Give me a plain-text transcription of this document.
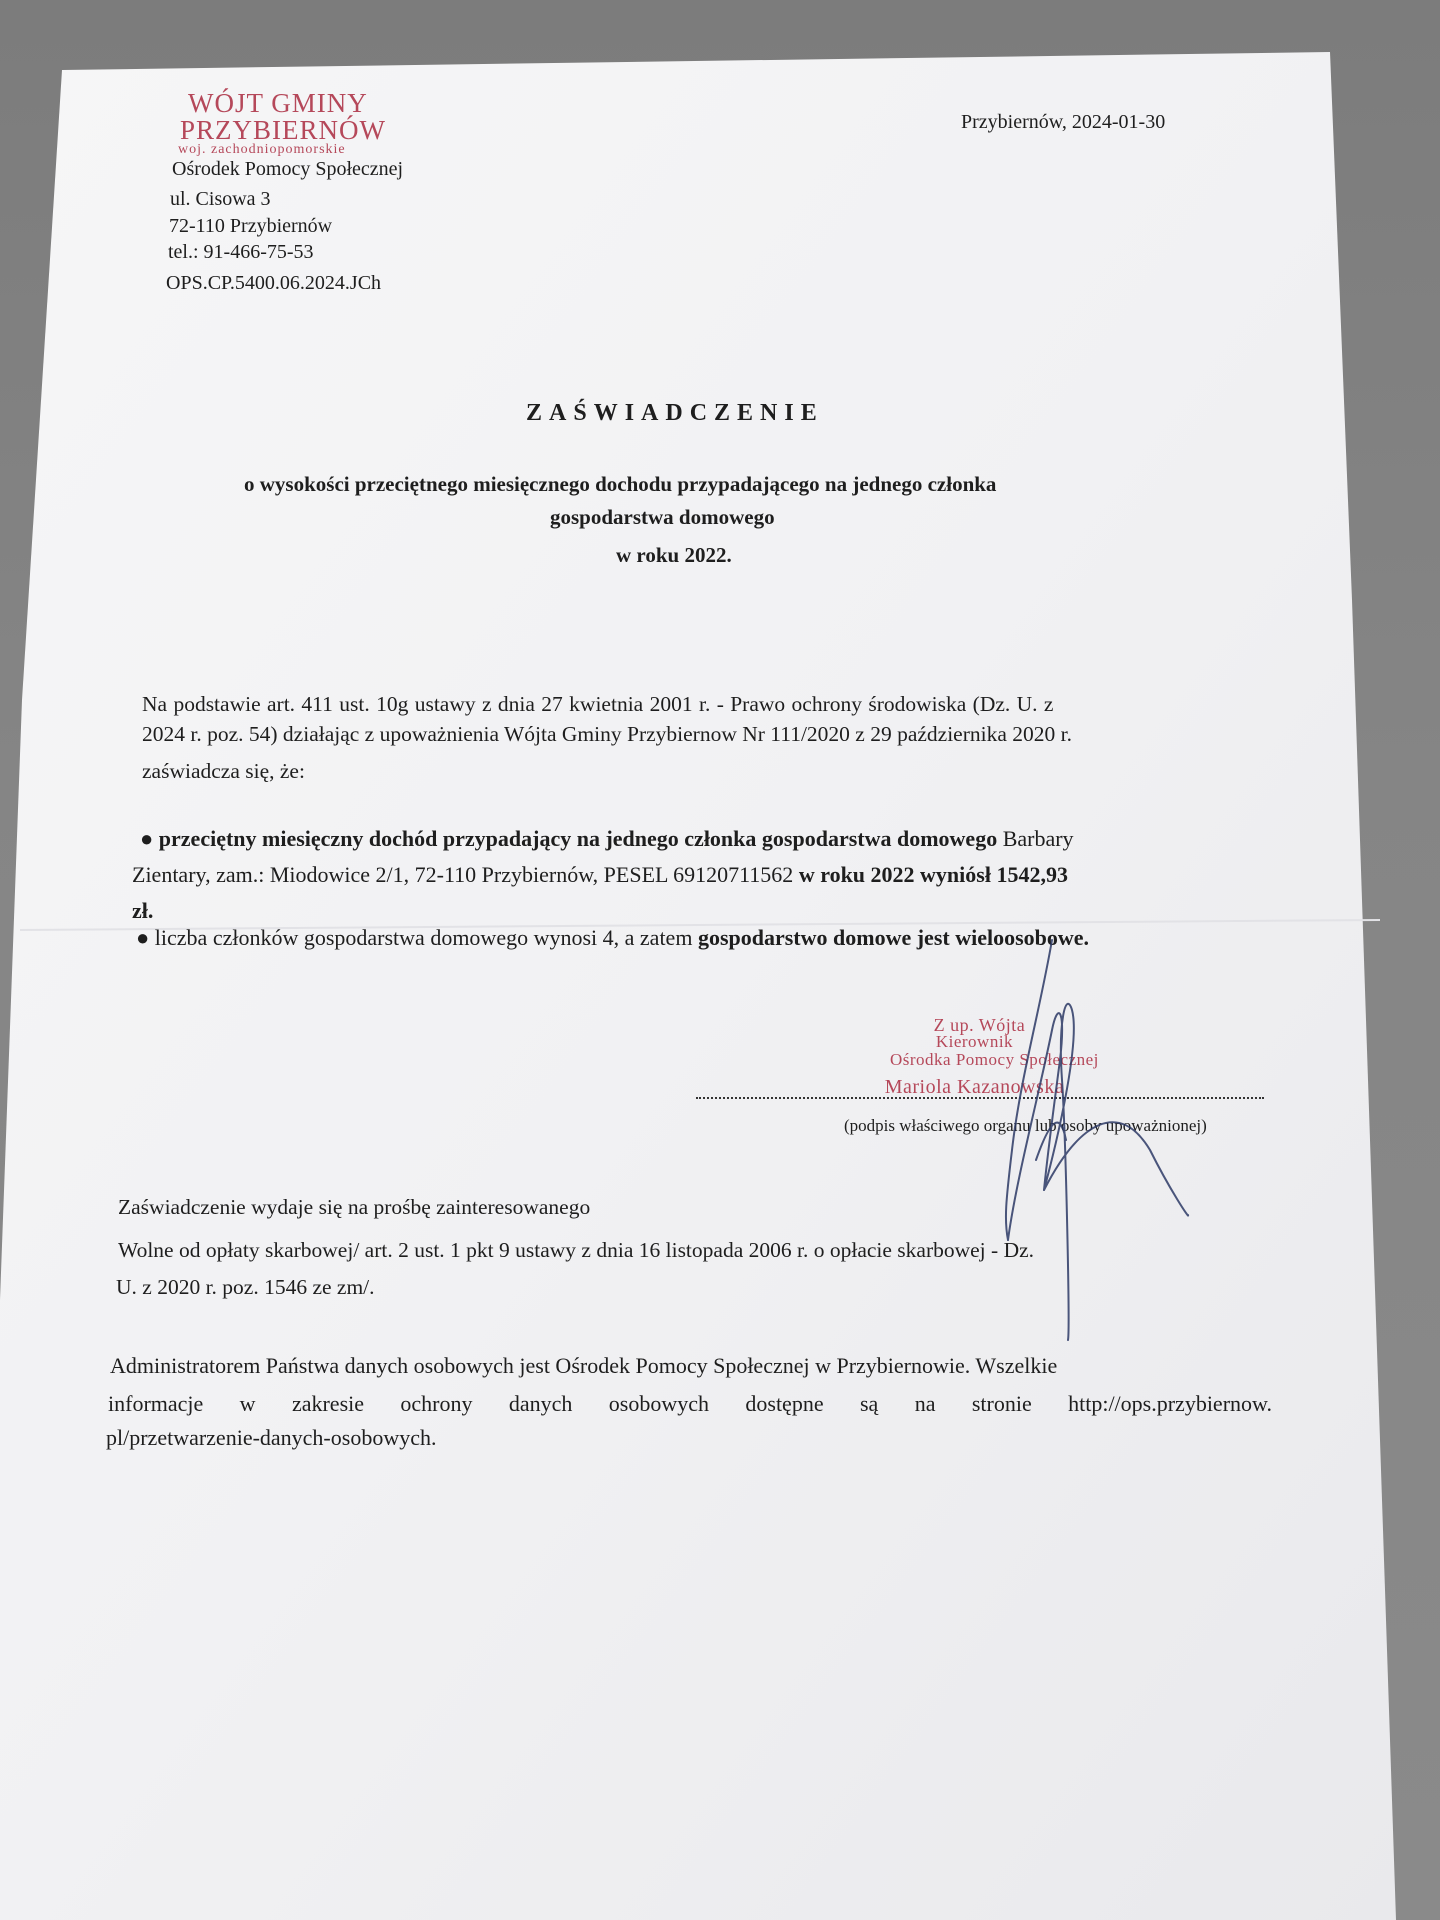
WÓJT GMINY
PRZYBIERNÓW
woj. zachodniopomorskie
Ośrodek Pomocy Społecznej
ul. Cisowa 3
72-110 Przybiernów
tel.: 91-466-75-53
OPS.CP.5400.06.2024.JCh
Przybiernów, 2024-01-30
ZAŚWIADCZENIE
o wysokości przeciętnego miesięcznego dochodu przypadającego na jednego członka
gospodarstwa domowego
w roku 2022.
Na podstawie art. 411 ust. 10g ustawy z dnia 27 kwietnia 2001 r. - Prawo ochrony środowiska (Dz. U. z
2024 r. poz. 54) działając z upoważnienia Wójta Gminy Przybiernow Nr 111/2020 z 29 października 2020 r.
zaświadcza się, że:
● przeciętny miesięczny dochód przypadający na jednego członka gospodarstwa domowego Barbary
Zientary, zam.: Miodowice 2/1, 72-110 Przybiernów, PESEL 69120711562 w roku 2022 wyniósł 1542,93
zł.
● liczba członków gospodarstwa domowego wynosi 4, a zatem gospodarstwo domowe jest wieloosobowe.
Z up. Wójta
Kierownik
Ośrodka Pomocy Społecznej
Mariola Kazanowska
(podpis właściwego organu lub osoby upoważnionej)
Zaświadczenie wydaje się na prośbę zainteresowanego
Wolne od opłaty skarbowej/ art. 2 ust. 1 pkt 9 ustawy z dnia 16 listopada 2006 r. o opłacie skarbowej - Dz.
U. z 2020 r. poz. 1546 ze zm/.
Administratorem Państwa danych osobowych jest Ośrodek Pomocy Społecznej w Przybiernowie. Wszelkie
informacje w zakresie ochrony danych osobowych dostępne są na stronie http://ops.przybiernow.
pl/przetwarzenie-danych-osobowych.
